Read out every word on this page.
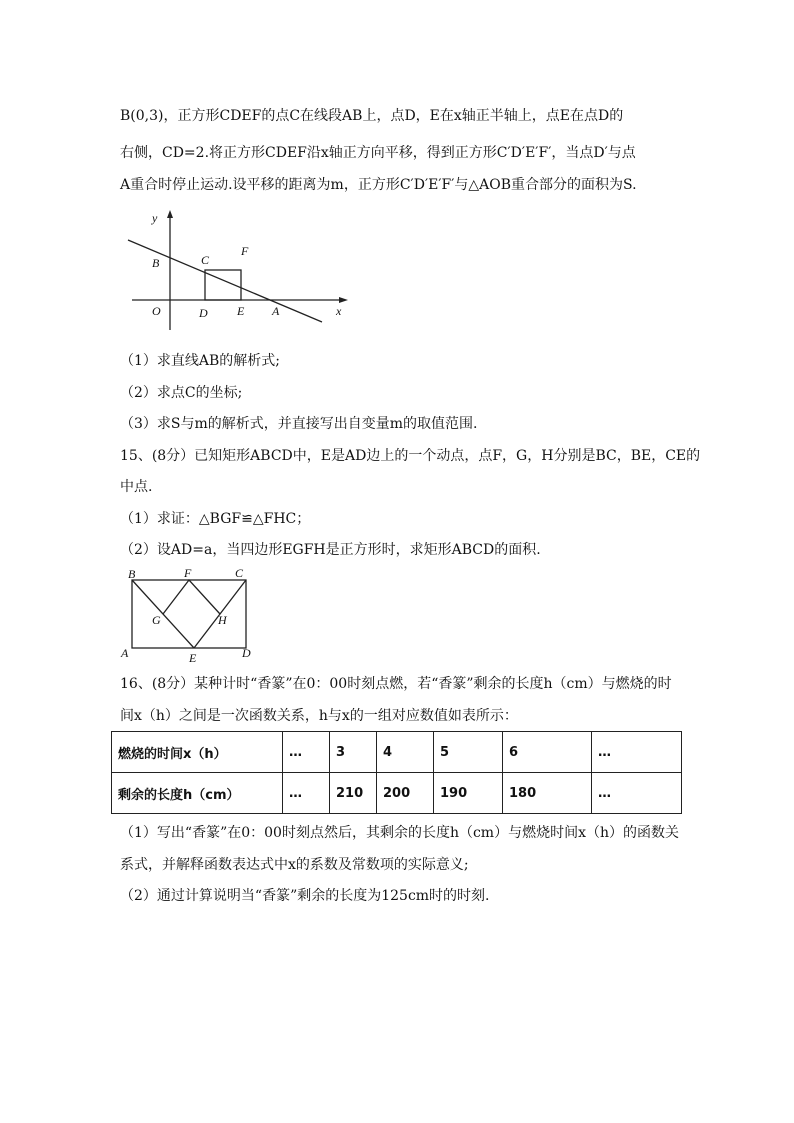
B(0,3)，正方形CDEF的点C在线段AB上，点D，E在x轴正半轴上，点E在点D的
右侧，CD=2.将正方形CDEF沿x轴正方向平移，得到正方形C′D′E′F′，当点D′与点
A重合时停止运动.设平移的距离为m，正方形C′D′E′F′与△AOB重合部分的面积为S.
y
B	C
F
O	D E A	x
（1）求直线AB的解析式;
（2）求点C的坐标;
（3）求S与m的解析式，并直接写出自变量m的取值范围.
15、(8分）已知矩形ABCD中，E是AD边上的一个动点，点F，G，H分别是BC，BE，CE的
中点.
（1）求证：△BGF≌△FHC；
（2）设AD=a，当四边形EGFH是正方形时，求矩形ABCD的面积.
B	F	C
G	H
A	E	D
16、(8分）某种计时“香篆”在0：00时刻点燃，若“香篆”剩余的长度h（cm）与燃烧的时
间x（h）之间是一次函数关系，h与x的一组对应数值如表所示：
燃烧的时间x（h）	…	3	4	5	6	…
剩余的长度h（cm）	…	210	200	190	180	…
（1）写出“香篆”在0：00时刻点然后，其剩余的长度h（cm）与燃烧时间x（h）的函数关
系式，并解释函数表达式中x的系数及常数项的实际意义;
（2）通过计算说明当“香篆”剩余的长度为125cm时的时刻.
